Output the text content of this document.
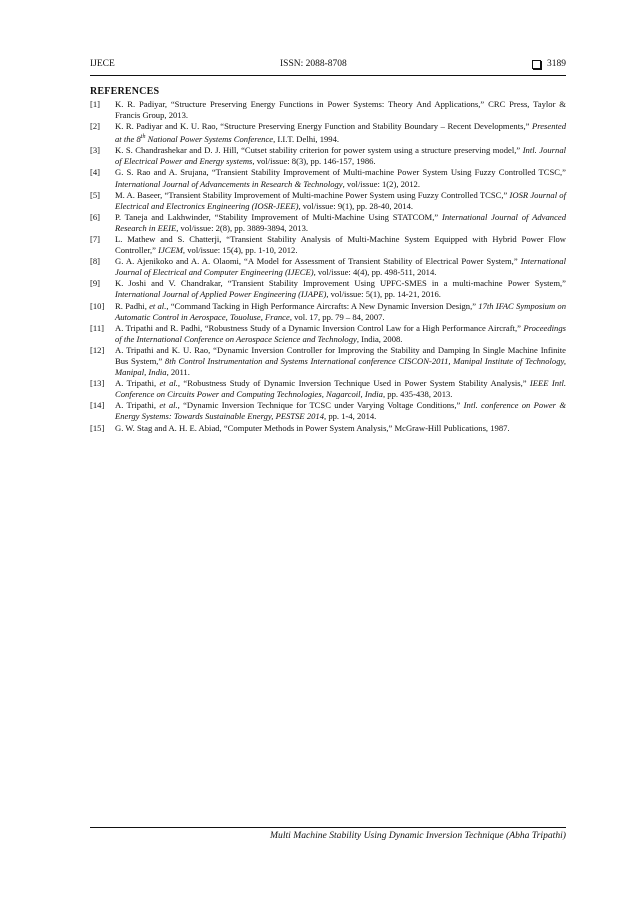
IJECE	ISSN: 2088-8708	3189
REFERENCES
[1]	K. R. Padiyar, “Structure Preserving Energy Functions in Power Systems: Theory And Applications,” CRC Press, Taylor & Francis Group, 2013.
[2]	K. R. Padiyar and K. U. Rao, “Structure Preserving Energy Function and Stability Boundary – Recent Developments,” Presented at the 8th National Power Systems Conference, I.I.T. Delhi, 1994.
[3]	K. S. Chandrashekar and D. J. Hill, “Cutset stability criterion for power system using a structure preserving model,” Intl. Journal of Electrical Power and Energy systems, vol/issue: 8(3), pp. 146-157, 1986.
[4]	G. S. Rao and A. Srujana, “Transient Stability Improvement of Multi-machine Power System Using Fuzzy Controlled TCSC,” International Journal of Advancements in Research & Technology, vol/issue: 1(2), 2012.
[5]	M. A. Baseer, “Transient Stability Improvement of Multi-machine Power System using Fuzzy Controlled TCSC,” IOSR Journal of Electrical and Electronics Engineering (IOSR-JEEE), vol/issue: 9(1), pp. 28-40, 2014.
[6]	P. Taneja and Lakhwinder, “Stability Improvement of Multi-Machine Using STATCOM,” International Journal of Advanced Research in EEIE, vol/issue: 2(8), pp. 3889-3894, 2013.
[7]	L. Mathew and S. Chatterji, “Transient Stability Analysis of Multi-Machine System Equipped with Hybrid Power Flow Controller,” IJCEM, vol/issue: 15(4), pp. 1-10, 2012.
[8]	G. A. Ajenikoko and A. A. Olaomi, “A Model for Assessment of Transient Stability of Electrical Power System,” International Journal of Electrical and Computer Engineering (IJECE), vol/issue: 4(4), pp. 498-511, 2014.
[9]	K. Joshi and V. Chandrakar, “Transient Stability Improvement Using UPFC-SMES in a multi-machine Power System,” International Journal of Applied Power Engineering (IJAPE), vol/issue: 5(1), pp. 14-21, 2016.
[10]	R. Padhi, et al., “Command Tacking in High Performance Aircrafts: A New Dynamic Inversion Design,” 17th IFAC Symposium on Automatic Control in Aerospace, Touoluse, France, vol. 17, pp. 79 – 84, 2007.
[11]	A. Tripathi and R. Padhi, “Robustness Study of a Dynamic Inversion Control Law for a High Performance Aircraft,” Proceedings of the International Conference on Aerospace Science and Technology, India, 2008.
[12]	A. Tripathi and K. U. Rao, “Dynamic Inversion Controller for Improving the Stability and Damping In Single Machine Infinite Bus System,” 8th Control Instrumentation and Systems International conference CISCON-2011, Manipal Institute of Technology, Manipal, India, 2011.
[13]	A. Tripathi, et al., “Robustness Study of Dynamic Inversion Technique Used in Power System Stability Analysis,” IEEE Intl. Conference on Circuits Power and Computing Technologies, Nagarcoil, India, pp. 435-438, 2013.
[14]	A. Tripathi, et al., “Dynamic Inversion Technique for TCSC under Varying Voltage Conditions,” Intl. conference on Power & Energy Systems: Towards Sustainable Energy, PESTSE 2014, pp. 1-4, 2014.
[15]	G. W. Stag and A. H. E. Abiad, “Computer Methods in Power System Analysis,” McGraw-Hill Publications, 1987.
Multi Machine Stability Using Dynamic Inversion Technique (Abha Tripathi)
